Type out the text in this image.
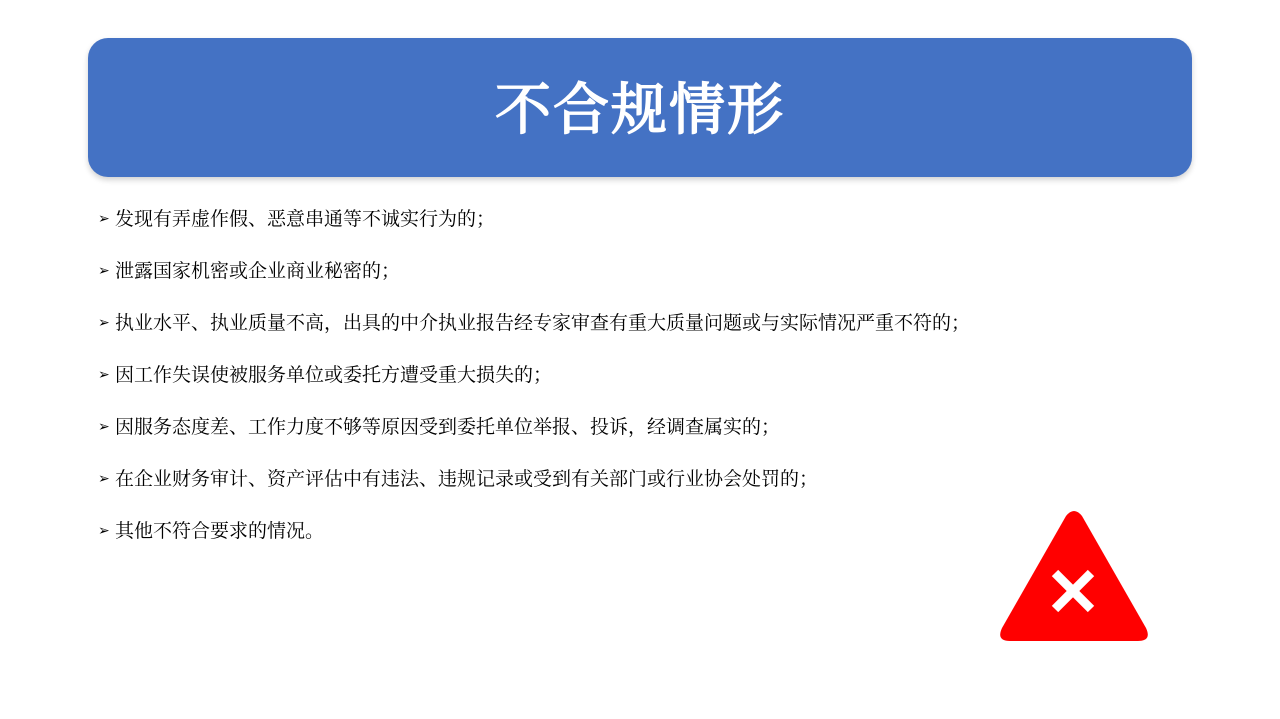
不合规情形
➢ 发现有弄虚作假、恶意串通等不诚实行为的；
➢ 泄露国家机密或企业商业秘密的；
➢ 执业水平、执业质量不高，出具的中介执业报告经专家审查有重大质量问题或与实际情况严重不符的；
➢ 因工作失误使被服务单位或委托方遭受重大损失的；
➢ 因服务态度差、工作力度不够等原因受到委托单位举报、投诉，经调查属实的；
➢ 在企业财务审计、资产评估中有违法、违规记录或受到有关部门或行业协会处罚的；
➢ 其他不符合要求的情况。
